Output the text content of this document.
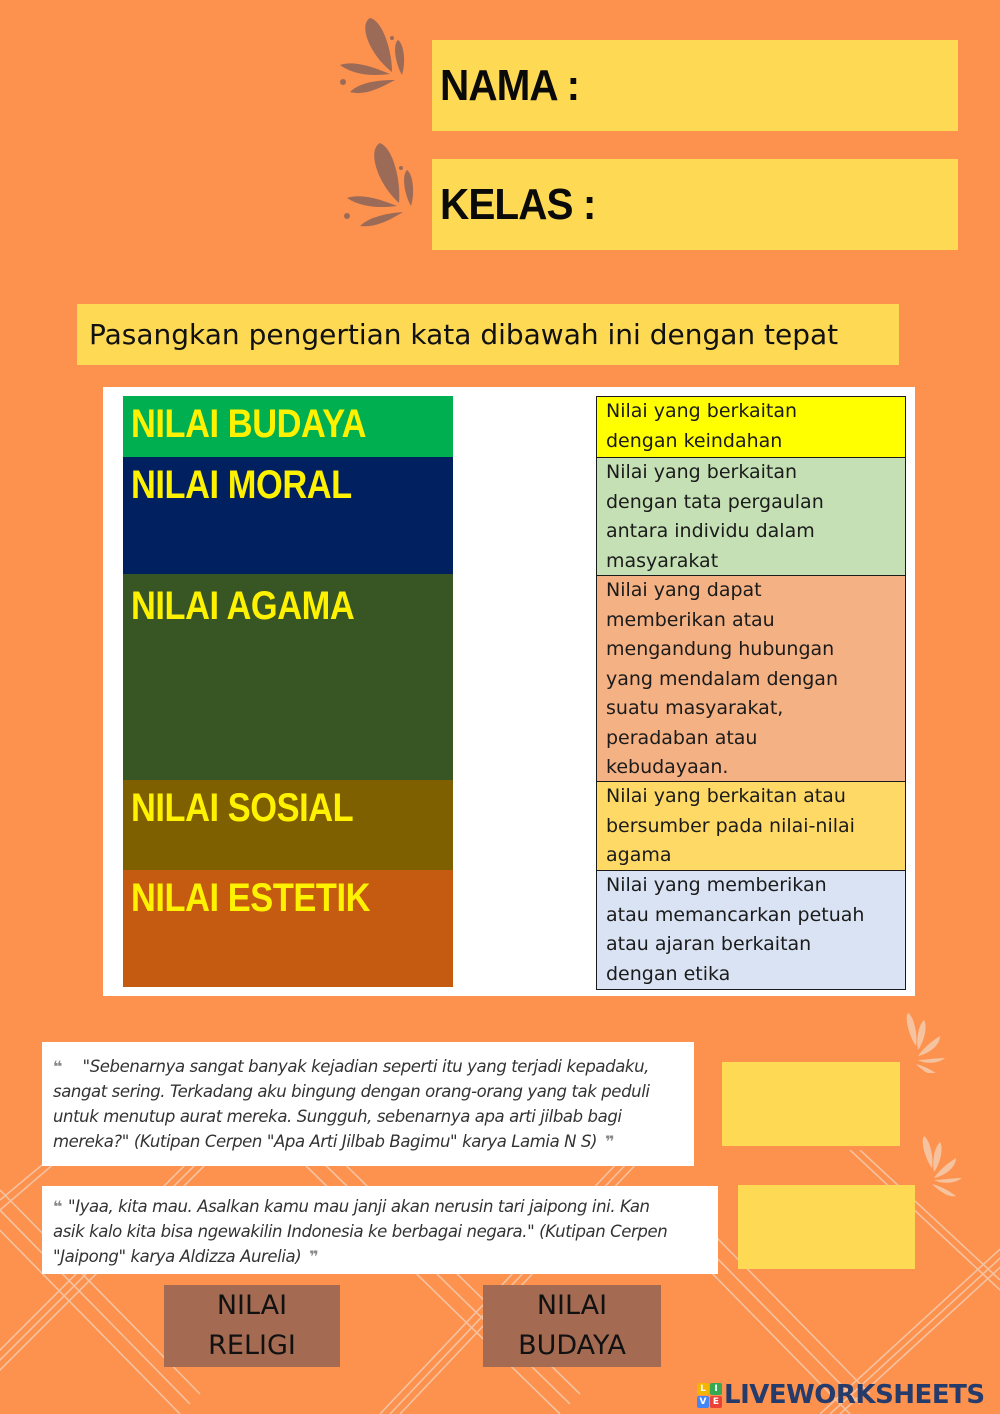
NAMA :
KELAS :
Pasangkan pengertian kata dibawah ini dengan tepat
NILAI BUDAYA
NILAI MORAL
NILAI AGAMA
NILAI SOSIAL
NILAI ESTETIK
Nilai yang berkaitan
dengan keindahan
Nilai yang berkaitan
dengan tata pergaulan
antara individu dalam
masyarakat
Nilai yang dapat
memberikan atau
mengandung hubungan
yang mendalam dengan
suatu masyarakat,
peradaban atau
kebudayaan.
Nilai yang berkaitan atau
bersumber pada nilai-nilai
agama
Nilai yang memberikan
atau memancarkan petuah
atau ajaran berkaitan
dengan etika
❝ "Sebenarnya sangat banyak kejadian seperti itu yang terjadi kepadaku,
sangat sering. Terkadang aku bingung dengan orang-orang yang tak peduli
untuk menutup aurat mereka. Sungguh, sebenarnya apa arti jilbab bagi
mereka?" (Kutipan Cerpen "Apa Arti Jilbab Bagimu" karya Lamia N S) ❞
❝ "Iyaa, kita mau. Asalkan kamu mau janji akan nerusin tari jaipong ini. Kan
asik kalo kita bisa ngewakilin Indonesia ke berbagai negara." (Kutipan Cerpen
"Jaipong" karya Aldizza Aurelia) ❞
NILAI
RELIGI
NILAI
BUDAYA
L I
V E LIVEWORKSHEETS
